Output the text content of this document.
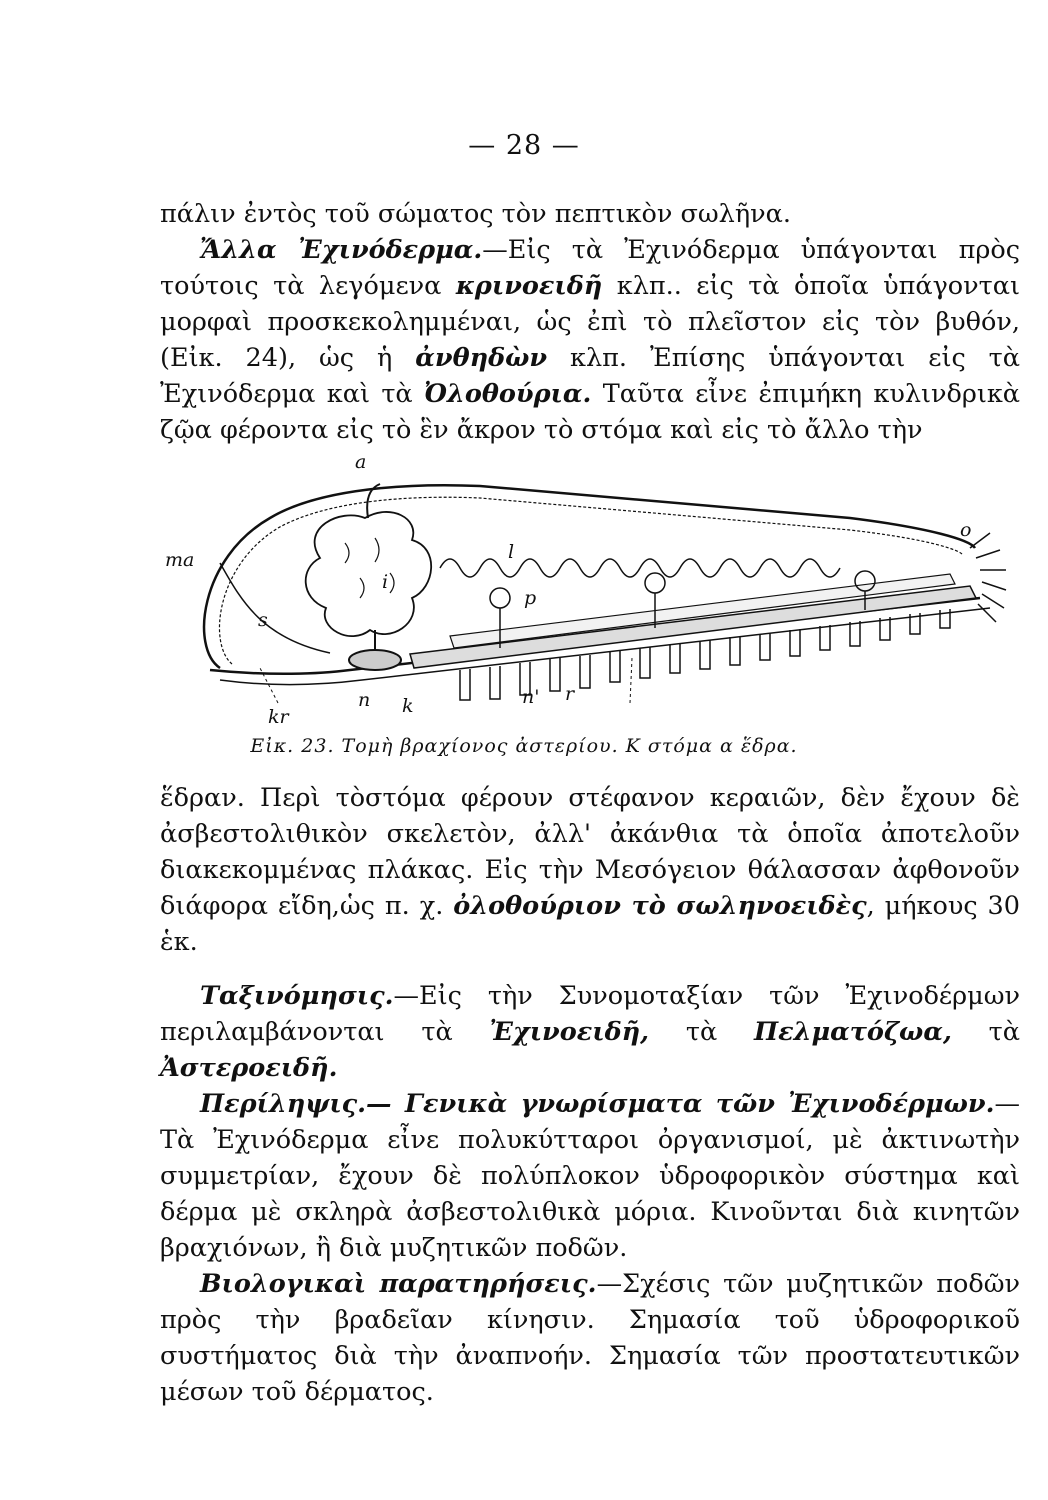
— 28 —

πάλιν ἐντὸς τοῦ σώματος τὸν πεπτικὸν σωλῆνα.

Ἄλλα Ἐχινόδερμα.—Εἰς τὰ Ἐχινόδερμα ὑπάγονται πρὸς τούτοις τὰ λεγόμενα κρινοειδῆ κλπ.. εἰς τὰ ὁποῖα ὑπάγονται μορφαὶ προσκεκολημμέναι, ὡς ἐπὶ τὸ πλεῖστον εἰς τὸν βυθόν, (Εἰκ. 24), ὡς ἡ ἀνθηδὼν κλπ. Ἐπίσης ὑπάγονται εἰς τὰ Ἐχινόδερμα καὶ τὰ Ὀλοθούρια. Ταῦτα εἶνε ἐπιμήκη κυλινδρικὰ ζῷα φέροντα εἰς τὸ ἓν ἄκρον τὸ στόμα καὶ εἰς τὸ ἄλλο τὴν

a
ma	l
i
o
p
s
n k	n' r
kr
Εἰκ. 23. Τομὴ βραχίονος ἀστερίου. Κ στόμα α ἕδρα.

ἕδραν. Περὶ τὸστόμα φέρουν στέφανον κεραιῶν, δὲν ἔχουν δὲ ἀσβεστολιθικὸν σκελετὸν, ἀλλ' ἀκάνθια τὰ ὁποῖα ἀποτελοῦν διακεκομμένας πλάκας. Εἰς τὴν Μεσόγειον θάλασσαν ἀφθονοῦν διάφορα εἴδη,ὡς π. χ. ὀλοθούριον τὸ σωληνοειδὲς, μήκους 30 ἑκ.

Ταξινόμησις.—Εἰς τὴν Συνομοταξίαν τῶν Ἐχινοδέρμων περιλαμβάνονται τὰ Ἐχινοειδῆ, τὰ Πελματόζωα, τὰ Ἀστεροειδῆ.

Περίληψις.— Γενικὰ γνωρίσματα τῶν Ἐχινοδέρμων.— Τὰ Ἐχινόδερμα εἶνε πολυκύτταροι ὀργανισμοί, μὲ ἀκτινωτὴν συμμετρίαν, ἔχουν δὲ πολύπλοκον ὑδροφορικὸν σύστημα καὶ δέρμα μὲ σκληρὰ ἀσβεστολιθικὰ μόρια. Κινοῦνται διὰ κινητῶν βραχιόνων, ἢ διὰ μυζητικῶν ποδῶν.

Βιολογικαὶ παρατηρήσεις.—Σχέσις τῶν μυζητικῶν ποδῶν πρὸς τὴν βραδεῖαν κίνησιν. Σημασία τοῦ ὑδροφορικοῦ συστήματος διὰ τὴν ἀναπνοήν. Σημασία τῶν προστατευτικῶν μέσων τοῦ δέρματος.
